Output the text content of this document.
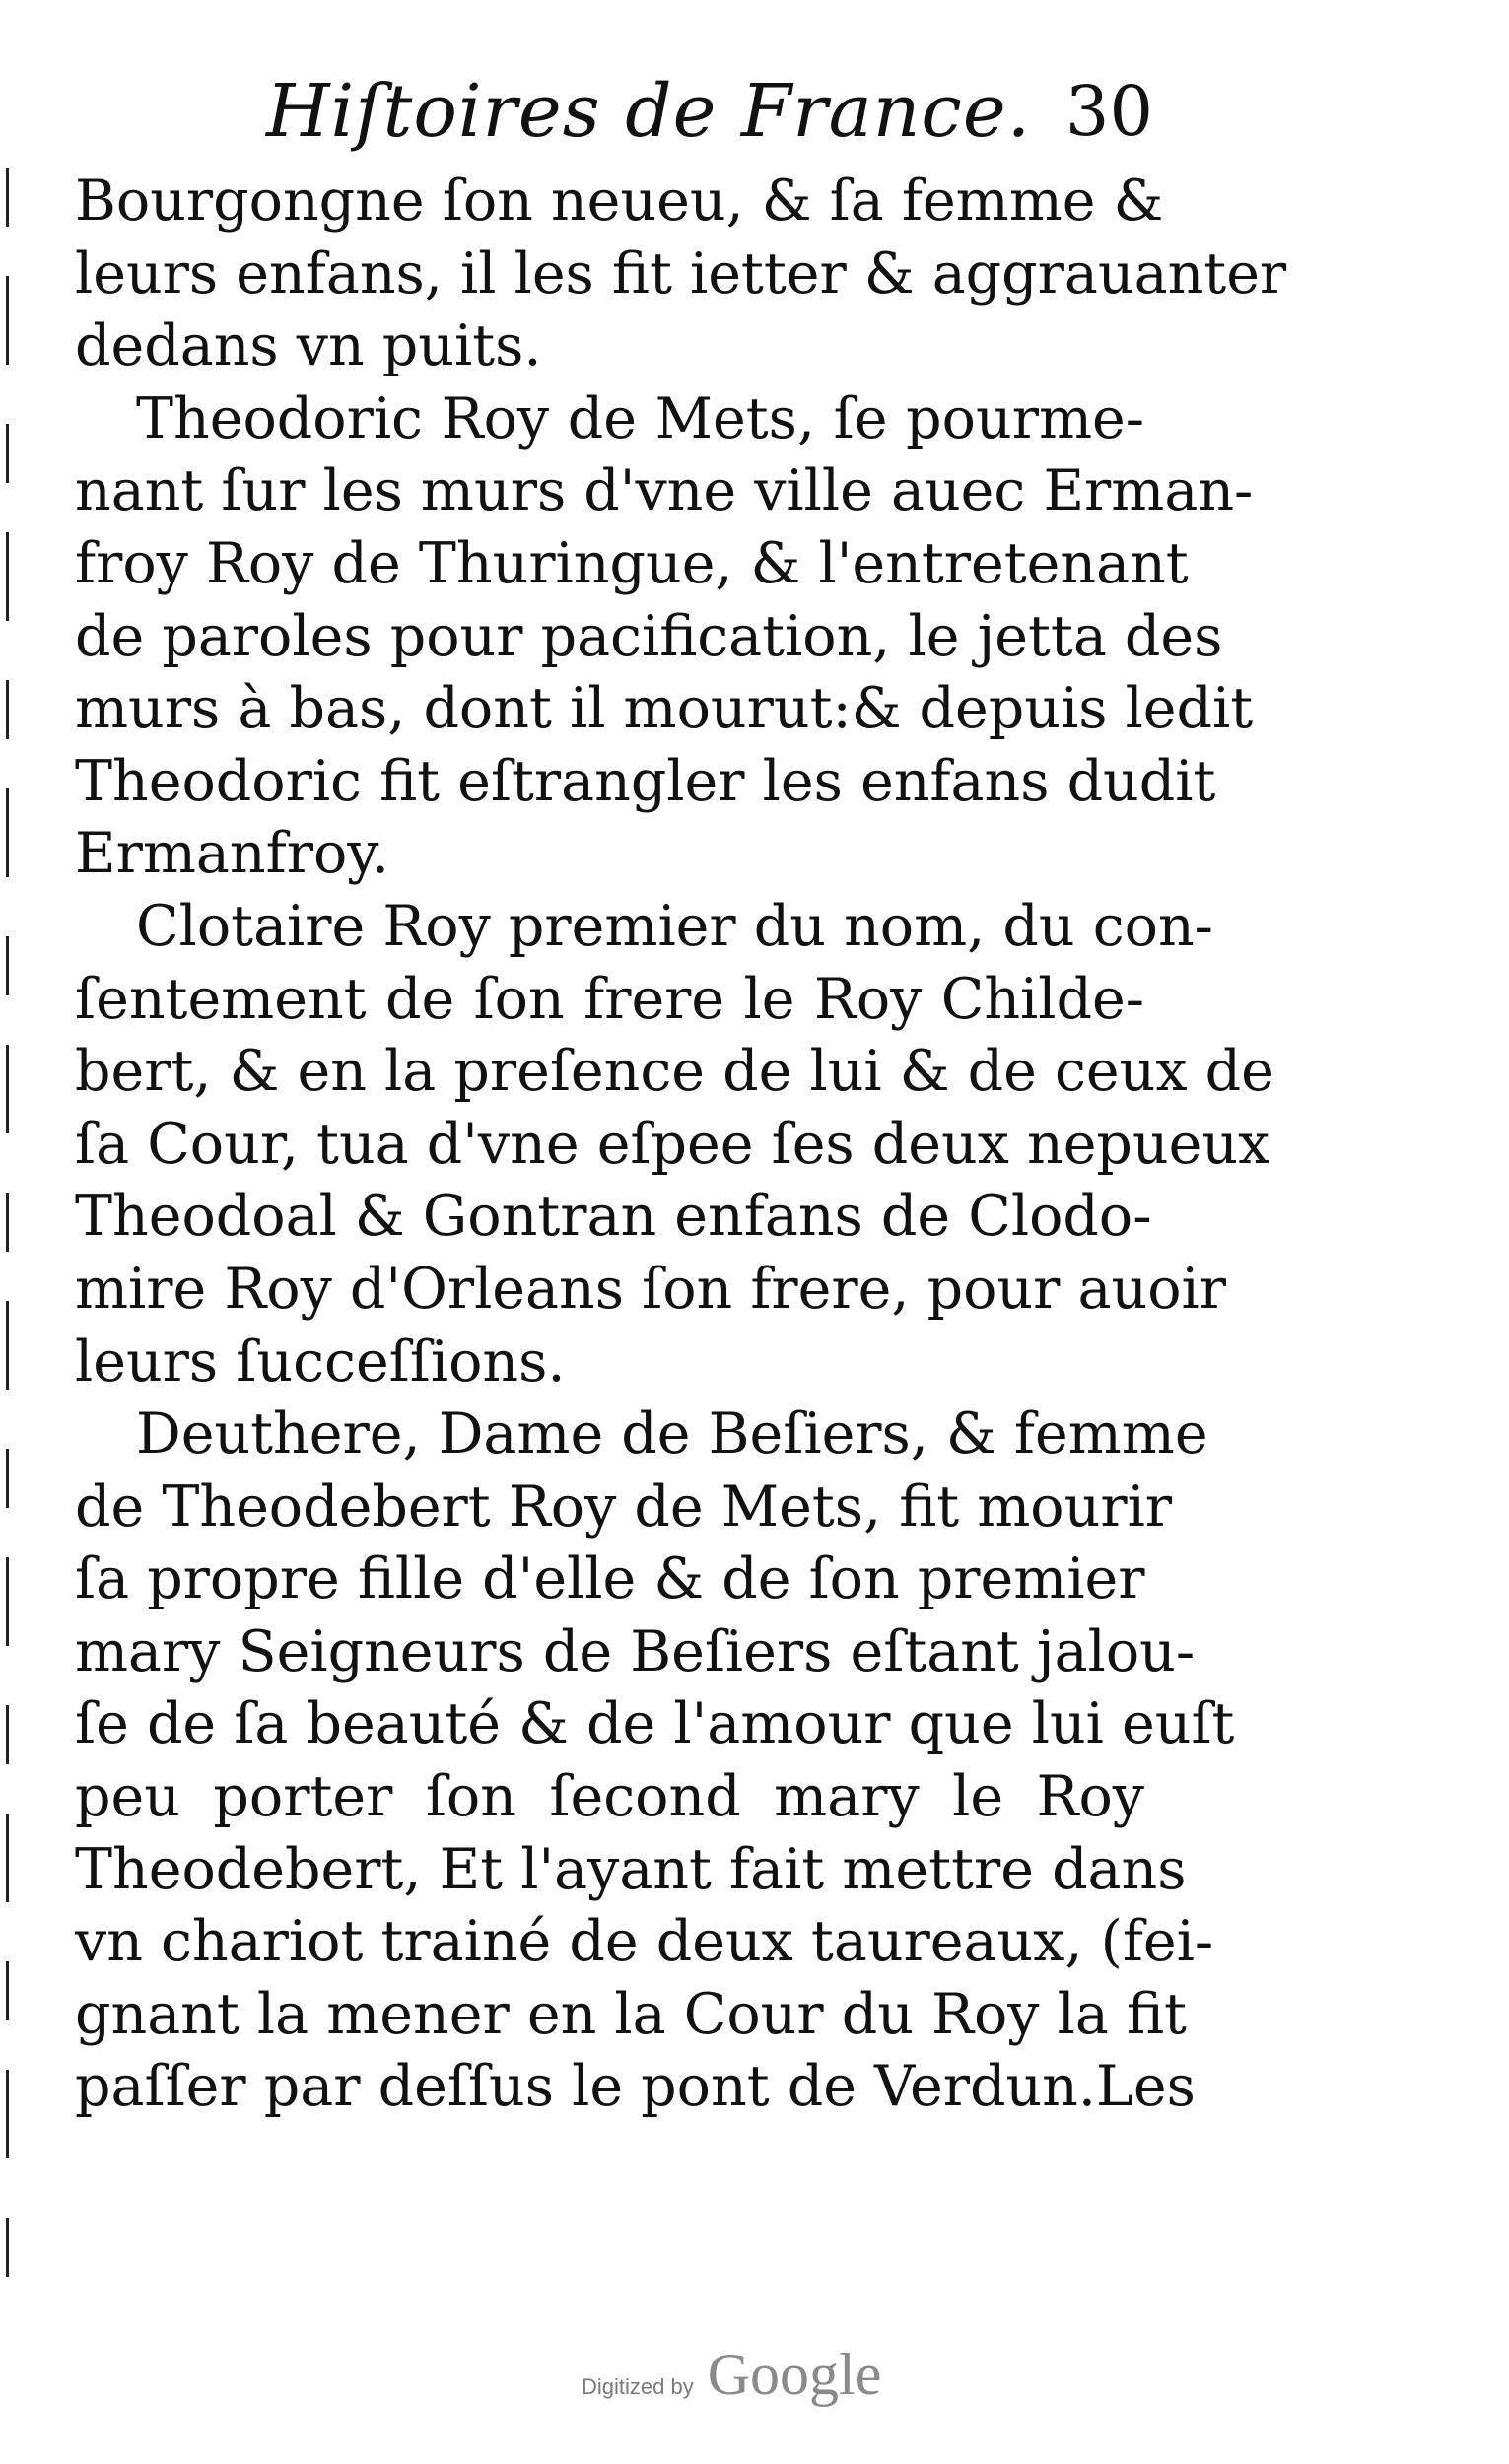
Hiſtoires de France. 30
Bourgongne ſon neueu, & ſa femme &
leurs enfans, il les fit ietter & aggrauanter
dedans vn puits.
Theodoric Roy de Mets, ſe pourme-
nant ſur les murs d'vne ville auec Erman-
froy Roy de Thuringue, & l'entretenant
de paroles pour pacification, le jetta des
murs à bas, dont il mourut:& depuis ledit
Theodoric fit eſtrangler les enfans dudit
Ermanfroy.
Clotaire Roy premier du nom, du con-
ſentement de ſon frere le Roy Childe-
bert, & en la preſence de lui & de ceux de
ſa Cour, tua d'vne eſpee ſes deux nepueux
Theodoal & Gontran enfans de Clodo-
mire Roy d'Orleans ſon frere, pour auoir
leurs ſucceſſions.
Deuthere, Dame de Beſiers, & femme
de Theodebert Roy de Mets, fit mourir
ſa propre fille d'elle & de ſon premier
mary Seigneurs de Beſiers eſtant jalou-
ſe de ſa beauté & de l'amour que lui euſt
peu porter ſon ſecond mary le Roy
Theodebert, Et l'ayant fait mettre dans
vn chariot trainé de deux taureaux, (fei-
gnant la mener en la Cour du Roy la fit
paſſer par deſſus le pont de Verdun.Les
Digitized by Google
